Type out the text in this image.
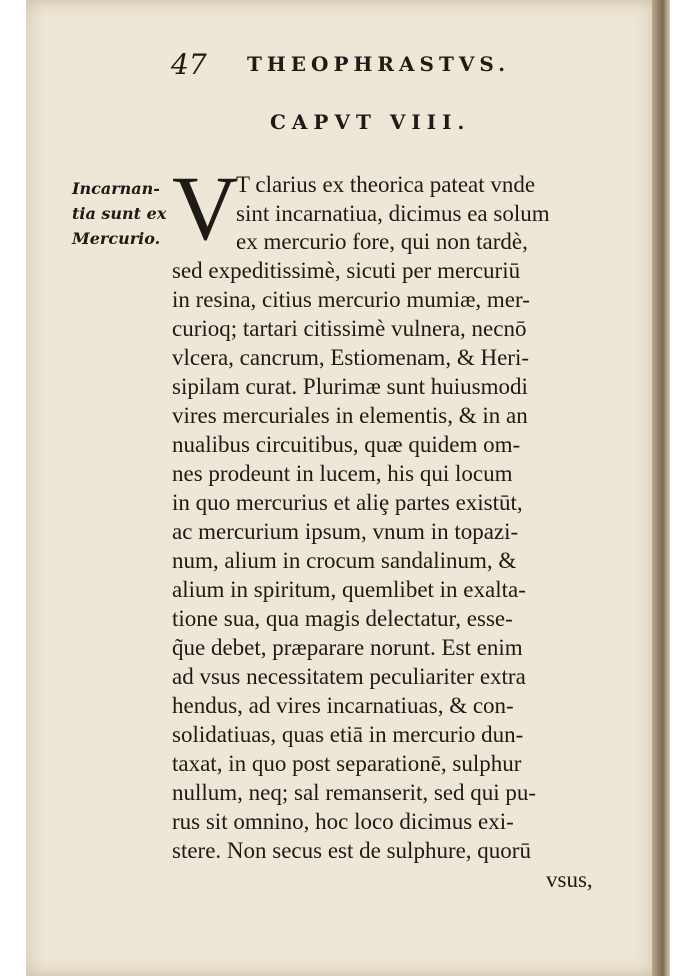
47 THEOPHRASTVS.
CAPVT VIII.
Incarnan-
tia sunt ex
Mercurio. V
T clarius ex theorica pateat vnde
sint incarnatiua, dicimus ea solum
ex mercurio fore, qui non tardè,
sed expeditissimè, sicuti per mercuriū
in resina, citius mercurio mumiæ, mer-
curioq; tartari citissimè vulnera, necnō
vlcera, cancrum, Estiomenam, & Heri-
sipilam curat. Plurimæ sunt huiusmodi
vires mercuriales in elementis, & in an
nualibus circuitibus, quæ quidem om-
nes prodeunt in lucem, his qui locum
in quo mercurius et aliȩ partes existūt,
ac mercurium ipsum, vnum in topazi-
num, alium in crocum sandalinum, &
alium in spiritum, quemlibet in exalta-
tione sua, qua magis delectatur, esse-
q̃ue debet, præparare norunt. Est enim
ad vsus necessitatem peculiariter extra
hendus, ad vires incarnatiuas, & con-
solidatiuas, quas etiā in mercurio dun-
taxat, in quo post separationē, sulphur
nullum, neq; sal remanserit, sed qui pu-
rus sit omnino, hoc loco dicimus exi-
stere. Non secus est de sulphure, quorū
vsus,
